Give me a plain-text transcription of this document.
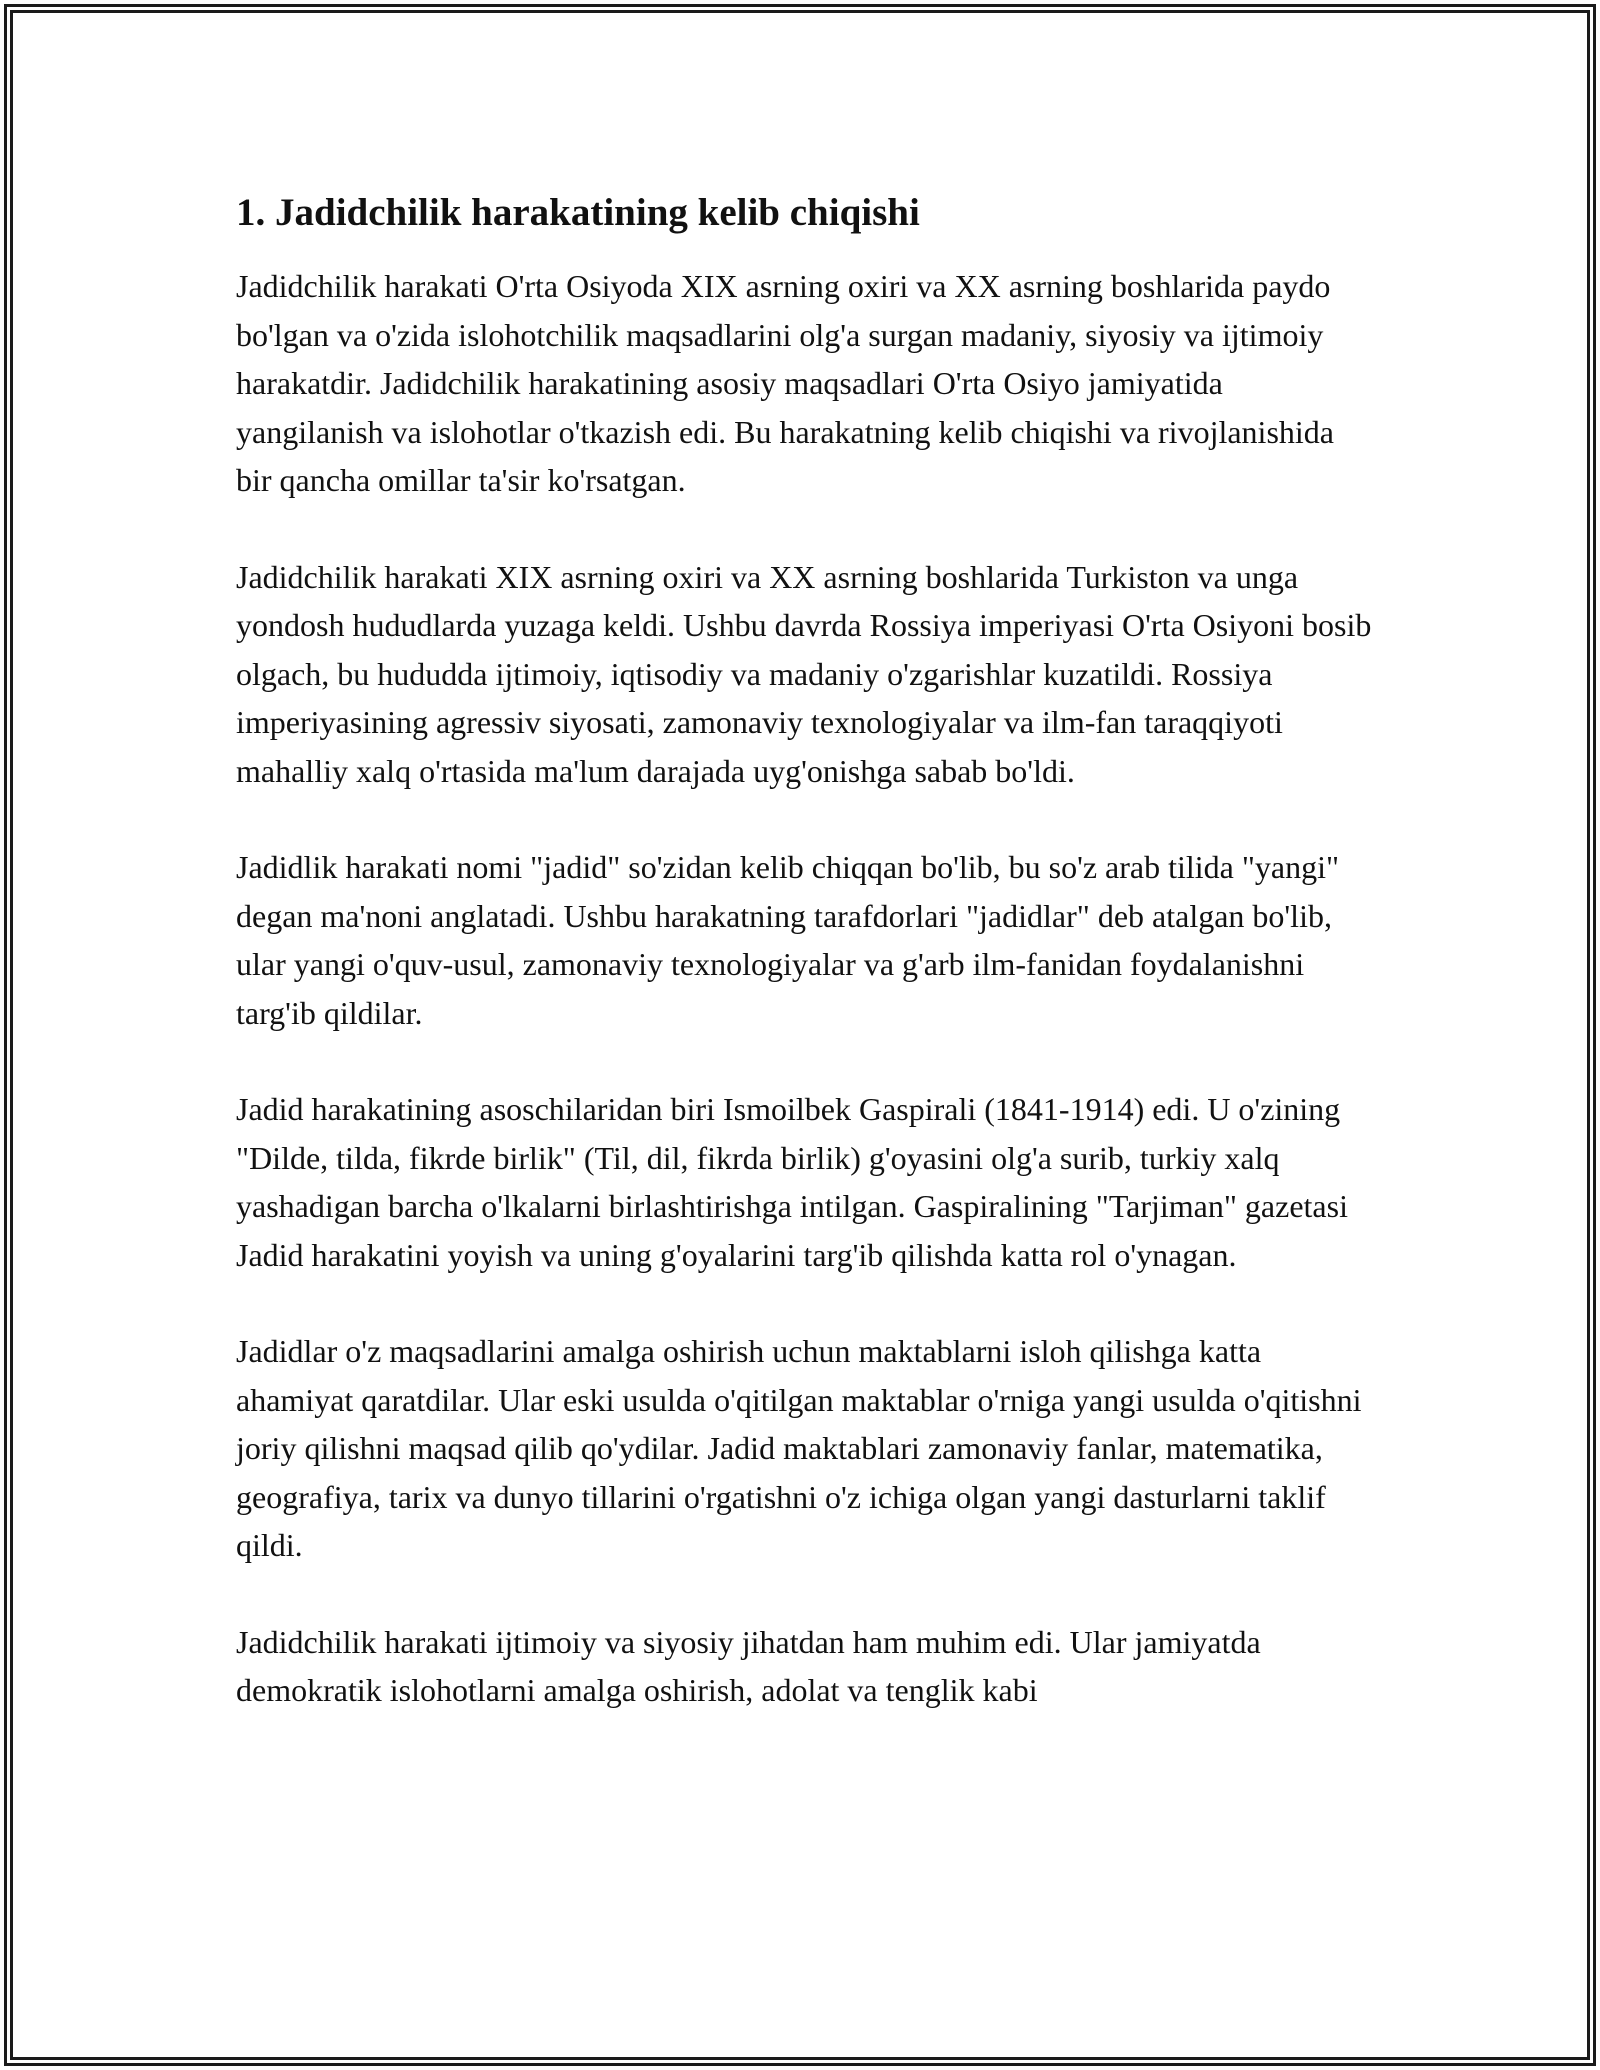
1. Jadidchilik harakatining kelib chiqishi

Jadidchilik harakati O'rta Osiyoda XIX asrning oxiri va XX asrning boshlarida paydo bo'lgan va o'zida islohotchilik maqsadlarini olg'a surgan madaniy, siyosiy va ijtimoiy harakatdir. Jadidchilik harakatining asosiy maqsadlari O'rta Osiyo jamiyatida yangilanish va islohotlar o'tkazish edi. Bu harakatning kelib chiqishi va rivojlanishida bir qancha omillar ta'sir ko'rsatgan.

Jadidchilik harakati XIX asrning oxiri va XX asrning boshlarida Turkiston va unga yondosh hududlarda yuzaga keldi. Ushbu davrda Rossiya imperiyasi O'rta Osiyoni bosib olgach, bu hududda ijtimoiy, iqtisodiy va madaniy o'zgarishlar kuzatildi. Rossiya imperiyasining agressiv siyosati, zamonaviy texnologiyalar va ilm-fan taraqqiyoti mahalliy xalq o'rtasida ma'lum darajada uyg'onishga sabab bo'ldi.

Jadidlik harakati nomi "jadid" so'zidan kelib chiqqan bo'lib, bu so'z arab tilida "yangi" degan ma'noni anglatadi. Ushbu harakatning tarafdorlari "jadidlar" deb atalgan bo'lib, ular yangi o'quv-usul, zamonaviy texnologiyalar va g'arb ilm-fanidan foydalanishni targ'ib qildilar.

Jadid harakatining asoschilaridan biri Ismoilbek Gaspirali (1841-1914) edi. U o'zining "Dilde, tilda, fikrde birlik" (Til, dil, fikrda birlik) g'oyasini olg'a surib, turkiy xalq yashadigan barcha o'lkalarni birlashtirishga intilgan. Gaspiralining "Tarjiman" gazetasi Jadid harakatini yoyish va uning g'oyalarini targ'ib qilishda katta rol o'ynagan.

Jadidlar o'z maqsadlarini amalga oshirish uchun maktablarni isloh qilishga katta ahamiyat qaratdilar. Ular eski usulda o'qitilgan maktablar o'rniga yangi usulda o'qitishni joriy qilishni maqsad qilib qo'ydilar. Jadid maktablari zamonaviy fanlar, matematika, geografiya, tarix va dunyo tillarini o'rgatishni o'z ichiga olgan yangi dasturlarni taklif qildi.

Jadidchilik harakati ijtimoiy va siyosiy jihatdan ham muhim edi. Ular jamiyatda demokratik islohotlarni amalga oshirish, adolat va tenglik kabi
